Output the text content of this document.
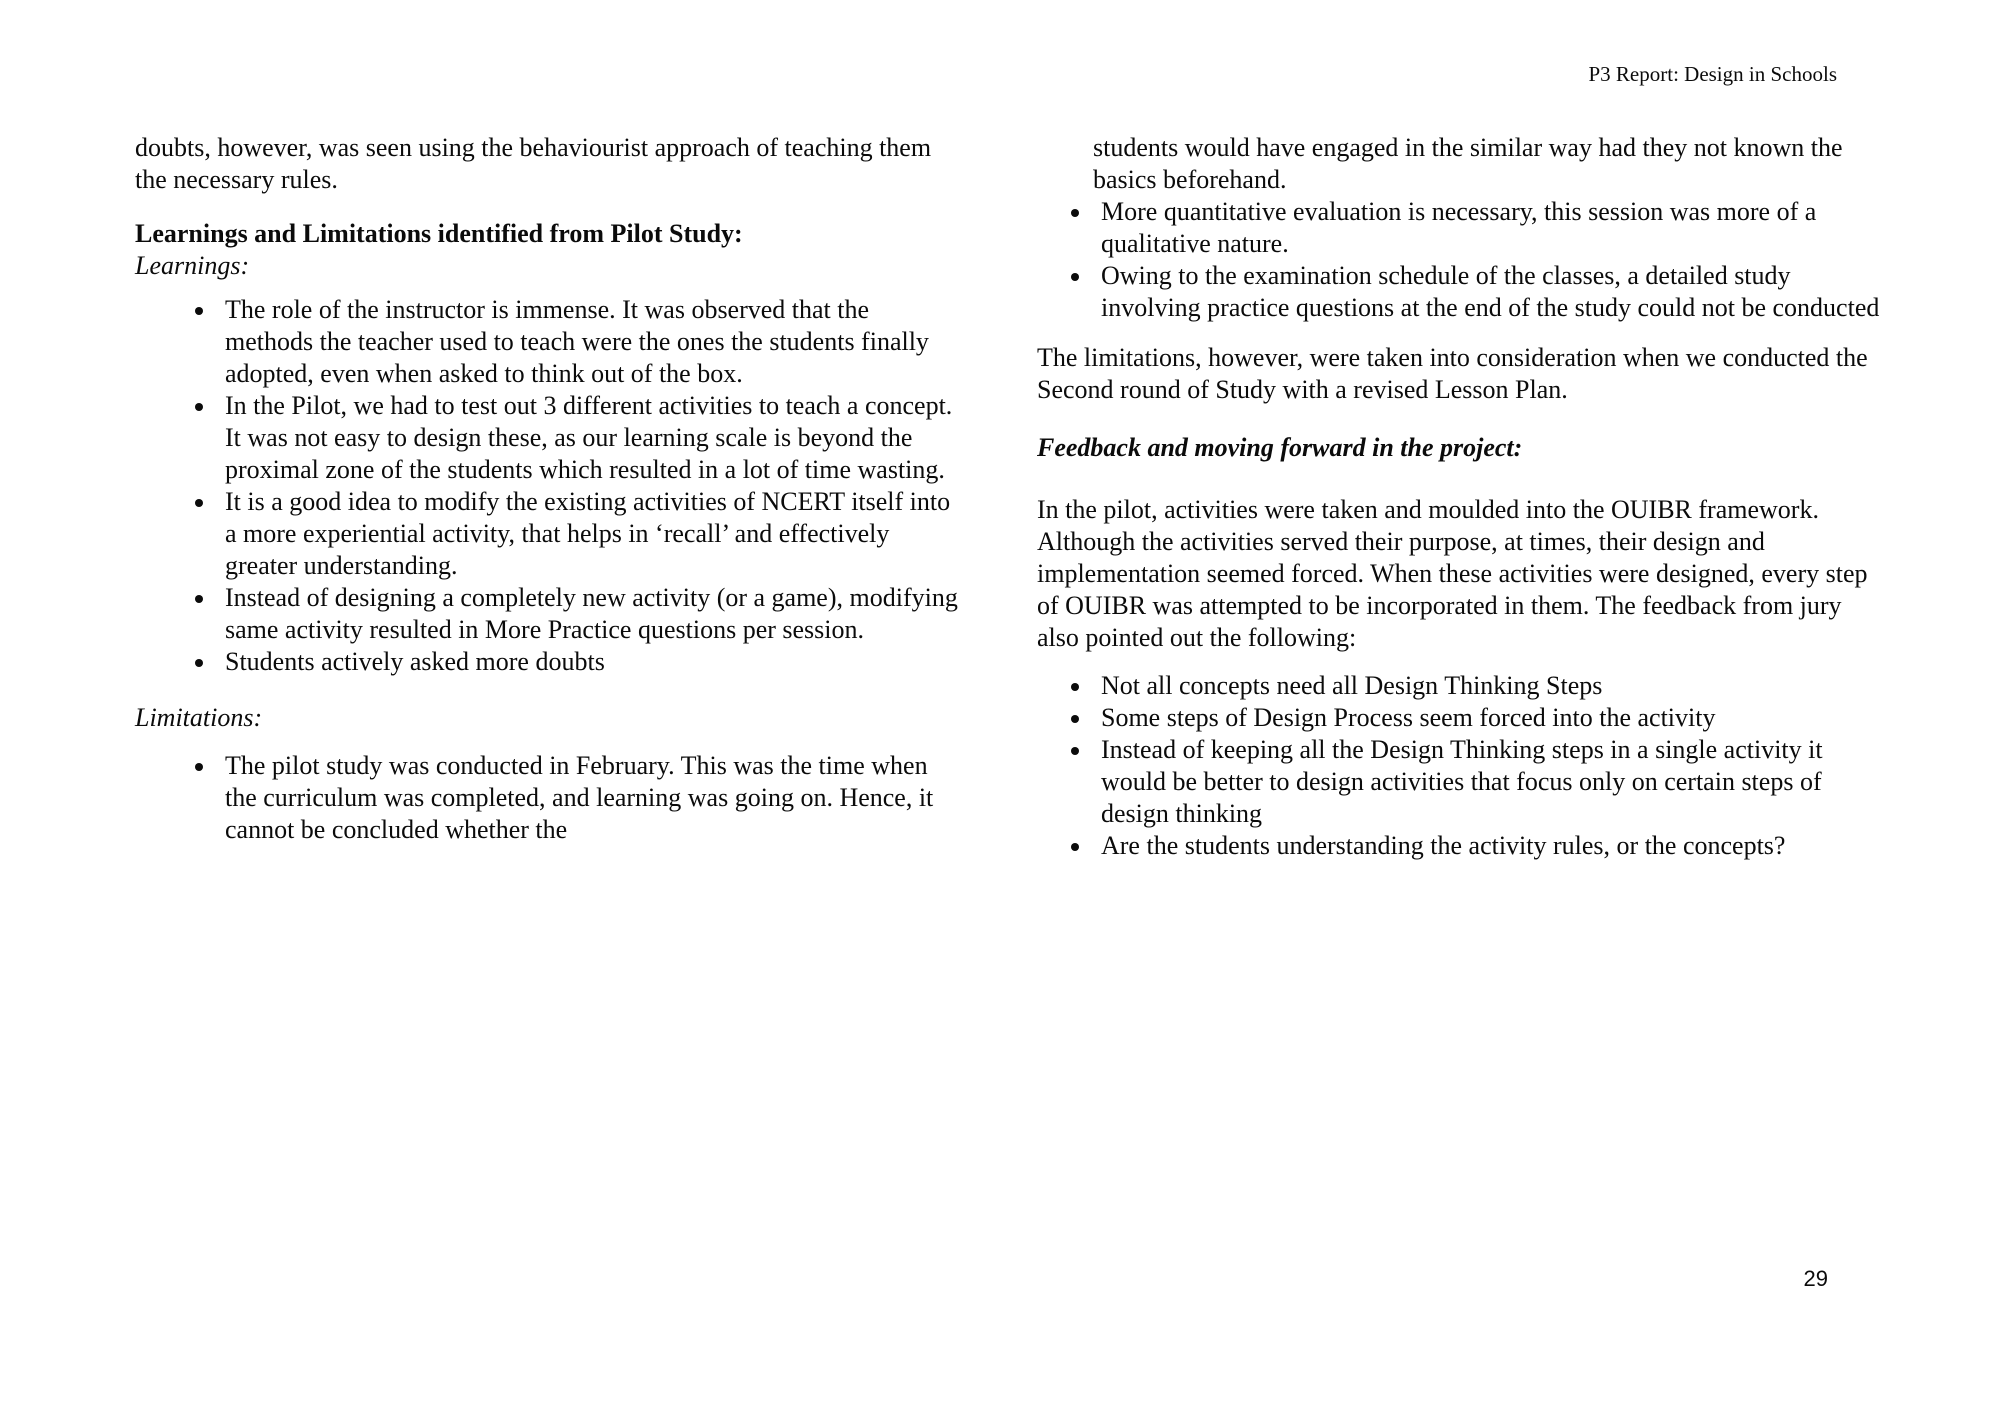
P3 Report: Design in Schools

doubts, however, was seen using the behaviourist approach of teaching them the necessary rules.

Learnings and Limitations identified from Pilot Study:
Learnings:
• The role of the instructor is immense. It was observed that the methods the teacher used to teach were the ones the students finally adopted, even when asked to think out of the box.
• In the Pilot, we had to test out 3 different activities to teach a concept. It was not easy to design these, as our learning scale is beyond the proximal zone of the students which resulted in a lot of time wasting.
• It is a good idea to modify the existing activities of NCERT itself into a more experiential activity, that helps in ‘recall’ and effectively greater understanding.
• Instead of designing a completely new activity (or a game), modifying same activity resulted in More Practice questions per session.
• Students actively asked more doubts
Limitations:
• The pilot study was conducted in February. This was the time when the curriculum was completed, and learning was going on. Hence, it cannot be concluded whether the
students would have engaged in the similar way had they not known the basics beforehand.
• More quantitative evaluation is necessary, this session was more of a qualitative nature.
• Owing to the examination schedule of the classes, a detailed study involving practice questions at the end of the study could not be conducted

The limitations, however, were taken into consideration when we conducted the Second round of Study with a revised Lesson Plan.

Feedback and moving forward in the project:

In the pilot, activities were taken and moulded into the OUIBR framework. Although the activities served their purpose, at times, their design and implementation seemed forced. When these activities were designed, every step of OUIBR was attempted to be incorporated in them. The feedback from jury also pointed out the following:

• Not all concepts need all Design Thinking Steps
• Some steps of Design Process seem forced into the activity
• Instead of keeping all the Design Thinking steps in a single activity it would be better to design activities that focus only on certain steps of design thinking
• Are the students understanding the activity rules, or the concepts?
29
